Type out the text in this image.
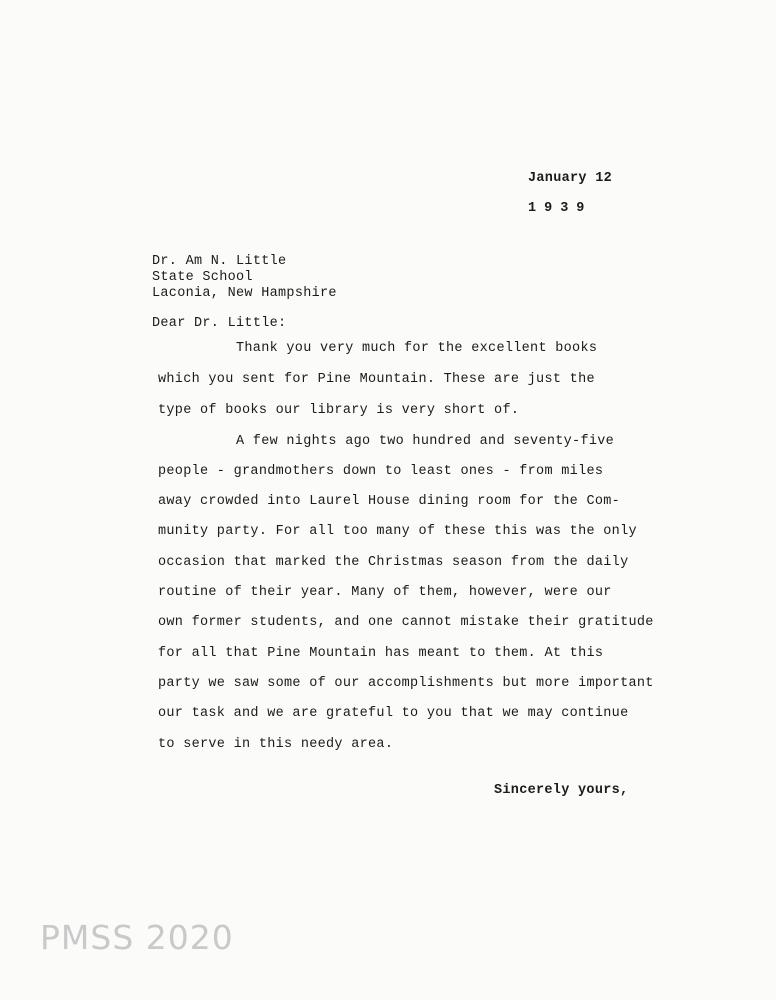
January 12
1939
Dr. Am N. Little
State School
Laconia, New Hampshire
Dear Dr. Little:
Thank you very much for the excellent books
which you sent for Pine Mountain. These are just the
type of books our library is very short of.
A few nights ago two hundred and seventy-five
people - grandmothers down to least ones - from miles
away crowded into Laurel House dining room for the Com-
munity party. For all too many of these this was the only
occasion that marked the Christmas season from the daily
routine of their year. Many of them, however, were our
own former students, and one cannot mistake their gratitude
for all that Pine Mountain has meant to them. At this
party we saw some of our accomplishments but more important
our task and we are grateful to you that we may continue
to serve in this needy area.
Sincerely yours,
PMSS 2020
